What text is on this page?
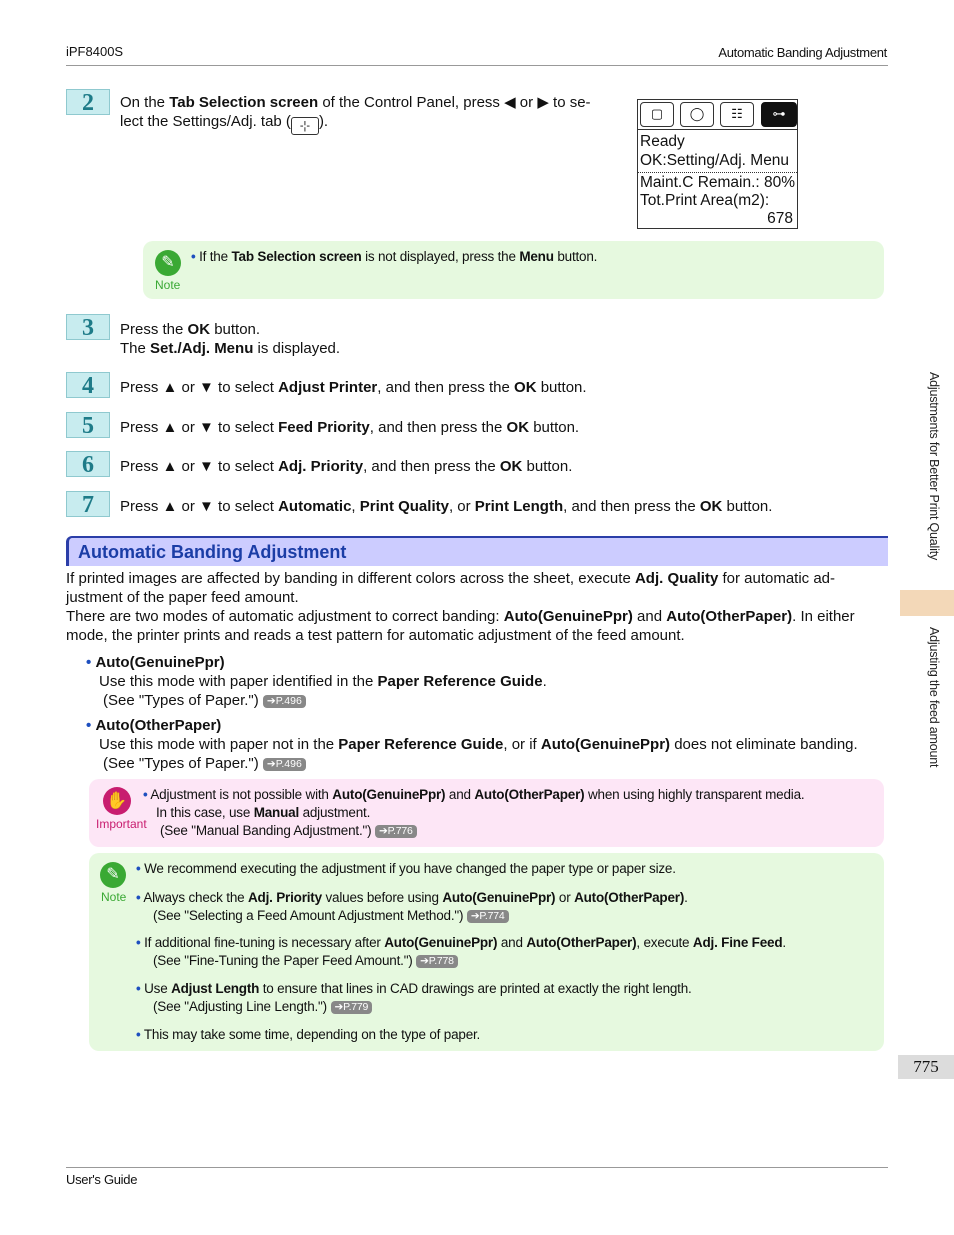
iPF8400S	Automatic Banding Adjustment
2	On the Tab Selection screen of the Control Panel, press ◀ or ▶ to se-
lect the Settings/Adj. tab ( -¦- ).	▢	◯	☷	⊶
Ready
OK:Setting/Adj. Menu
Maint.C Remain.: 80%
Tot.Print Area(m2):
678
✎
Note
• If the Tab Selection screen is not displayed, press the Menu button.
3	Press the OK button.
The Set./Adj. Menu is displayed.
4	Press ▲ or ▼ to select Adjust Printer, and then press the OK button.
5	Press ▲ or ▼ to select Feed Priority, and then press the OK button.
6	Press ▲ or ▼ to select Adj. Priority, and then press the OK button.
7	Press ▲ or ▼ to select Automatic, Print Quality, or Print Length, and then press the OK button.
Automatic Banding Adjustment
If printed images are affected by banding in different colors across the sheet, execute Adj. Quality for automatic ad-
justment of the paper feed amount.
There are two modes of automatic adjustment to correct banding: Auto(GenuinePpr) and Auto(OtherPaper). In either
mode, the printer prints and reads a test pattern for automatic adjustment of the feed amount.
• Auto(GenuinePpr)
Use this mode with paper identified in the Paper Reference Guide.
(See "Types of Paper.") ➔P.496
• Auto(OtherPaper)
Use this mode with paper not in the Paper Reference Guide, or if Auto(GenuinePpr) does not eliminate banding.
(See "Types of Paper.") ➔P.496
✋
Important
• Adjustment is not possible with Auto(GenuinePpr) and Auto(OtherPaper) when using highly transparent media.
In this case, use Manual adjustment.
(See "Manual Banding Adjustment.") ➔P.776
✎
Note
• We recommend executing the adjustment if you have changed the paper type or paper size.
• Always check the Adj. Priority values before using Auto(GenuinePpr) or Auto(OtherPaper).
(See "Selecting a Feed Amount Adjustment Method.") ➔P.774
• If additional fine-tuning is necessary after Auto(GenuinePpr) and Auto(OtherPaper), execute Adj. Fine Feed.
(See "Fine-Tuning the Paper Feed Amount.") ➔P.778
• Use Adjust Length to ensure that lines in CAD drawings are printed at exactly the right length.
(See "Adjusting Line Length.") ➔P.779
• This may take some time, depending on the type of paper.
Adjustments for Better Print Quality
Adjusting the feed amount
775
User's Guide
